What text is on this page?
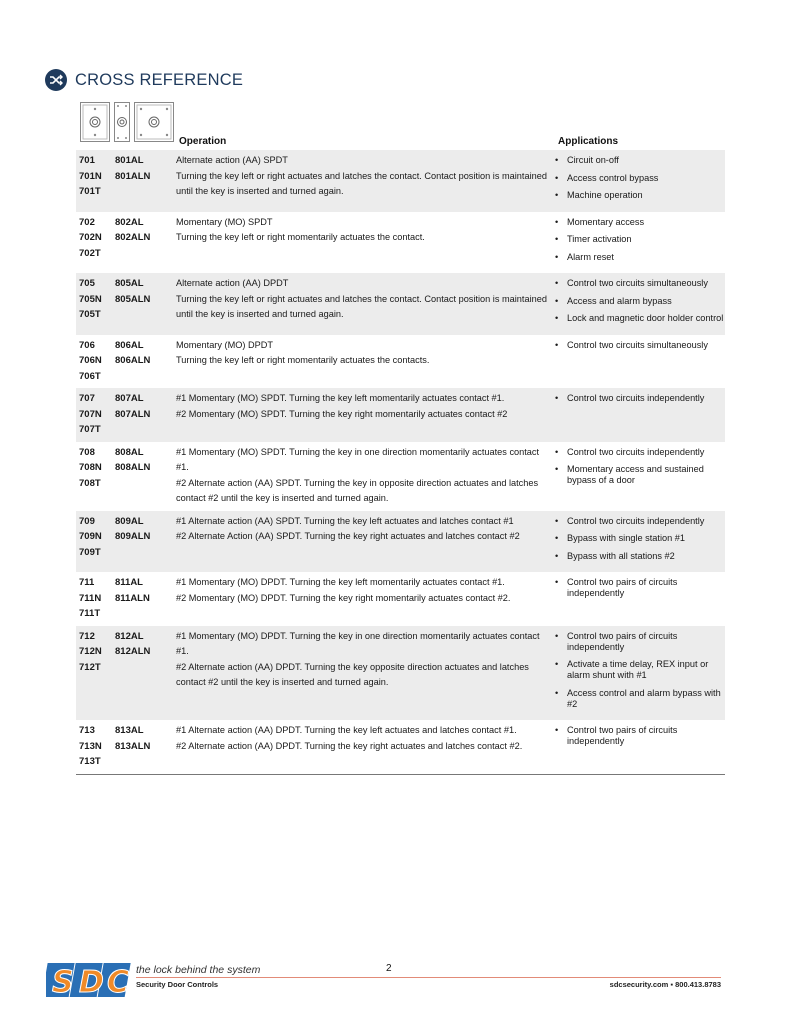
CROSS REFERENCE
Operation	Applications
701
701N
701T
801AL
801ALN
Alternate action (AA) SPDT
Turning the key left or right actuates and latches the contact. Contact position is maintained until the key is inserted and turned again.
• Circuit on-off
• Access control bypass
• Machine operation
702
702N
702T
802AL
802ALN
Momentary (MO) SPDT
Turning the key left or right momentarily actuates the contact.
• Momentary access
• Timer activation
• Alarm reset
705
705N
705T
805AL
805ALN
Alternate action (AA) DPDT
Turning the key left or right actuates and latches the contact. Contact position is maintained until the key is inserted and turned again.
• Control two circuits simultaneously
• Access and alarm bypass
• Lock and magnetic door holder control
706
706N
706T
806AL
806ALN
Momentary (MO) DPDT
Turning the key left or right momentarily actuates the contacts.
• Control two circuits simultaneously
707
707N
707T
807AL
807ALN
#1 Momentary (MO) SPDT. Turning the key left momentarily actuates contact #1.
#2 Momentary (MO) SPDT. Turning the key right momentarily actuates contact #2
• Control two circuits independently
708
708N
708T
808AL
808ALN
#1 Momentary (MO) SPDT. Turning the key in one direction momentarily actuates contact #1.
#2 Alternate action (AA) SPDT. Turning the key in opposite direction actuates and latches contact #2 until the key is inserted and turned again.
• Control two circuits independently
• Momentary access and sustained bypass of a door
709
709N
709T
809AL
809ALN
#1 Alternate action (AA) SPDT. Turning the key left actuates and latches contact #1
#2 Alternate Action (AA) SPDT. Turning the key right actuates and latches contact #2
• Control two circuits independently
• Bypass with single station #1
• Bypass with all stations #2
711
711N
711T
811AL
811ALN
#1 Momentary (MO) DPDT. Turning the key left momentarily actuates contact #1.
#2 Momentary (MO) DPDT. Turning the key right momentarily actuates contact #2.
• Control two pairs of circuits independently
712
712N
712T
812AL
812ALN
#1 Momentary (MO) DPDT. Turning the key in one direction momentarily actuates contact #1.
#2 Alternate action (AA) DPDT. Turning the key opposite direction actuates and latches contact #2 until the key is inserted and turned again.
• Control two pairs of circuits independently
• Activate a time delay, REX input or alarm shunt with #1
• Access control and alarm bypass with #2
713
713N
713T
813AL
813ALN
#1 Alternate action (AA) DPDT. Turning the key left actuates and latches contact #1.
#2 Alternate action (AA) DPDT. Turning the key right actuates and latches contact #2.
• Control two pairs of circuits independently
S D C the lock behind the system
Security Door Controls
2
sdcsecurity.com ▪ 800.413.8783
